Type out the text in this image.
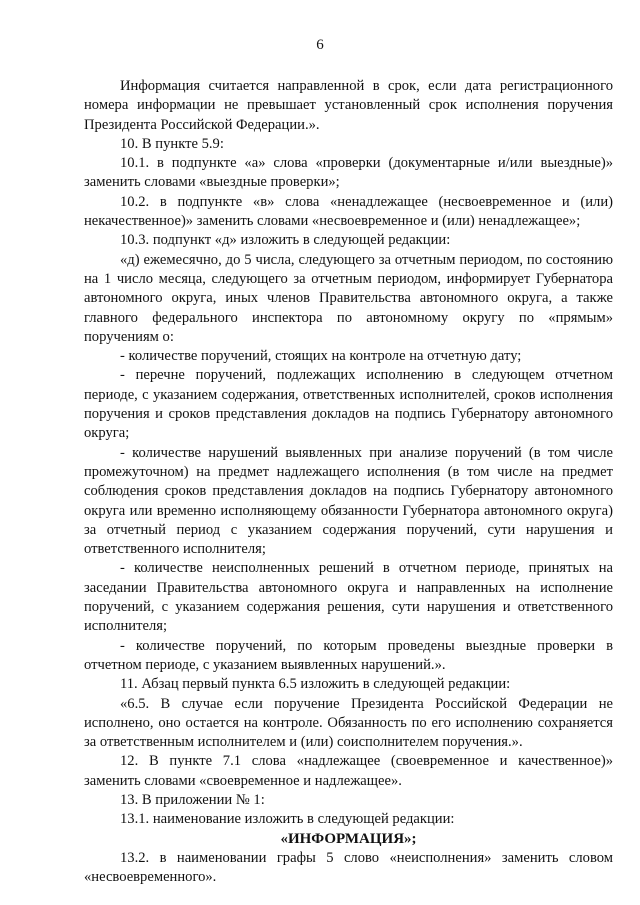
6

Информация считается направленной в срок, если дата регистрационного номера информации не превышает установленный срок исполнения поручения Президента Российской Федерации.».

10. В пункте 5.9:

10.1. в подпункте «а» слова «проверки (документарные и/или выездные)» заменить словами «выездные проверки»;

10.2. в подпункте «в» слова «ненадлежащее (несвоевременное и (или) некачественное)» заменить словами «несвоевременное и (или) ненадлежащее»;

10.3. подпункт «д» изложить в следующей редакции:

«д) ежемесячно, до 5 числа, следующего за отчетным периодом, по состоянию на 1 число месяца, следующего за отчетным периодом, информирует Губернатора автономного округа, иных членов Правительства автономного округа, а также главного федерального инспектора по автономному округу по «прямым» поручениям о:

- количестве поручений, стоящих на контроле на отчетную дату;

- перечне поручений, подлежащих исполнению в следующем отчетном периоде, с указанием содержания, ответственных исполнителей, сроков исполнения поручения и сроков представления докладов на подпись Губернатору автономного округа;

- количестве нарушений выявленных при анализе поручений (в том числе промежуточном) на предмет надлежащего исполнения (в том числе на предмет соблюдения сроков представления докладов на подпись Губернатору автономного округа или временно исполняющему обязанности Губернатора автономного округа) за отчетный период с указанием содержания поручений, сути нарушения и ответственного исполнителя;

- количестве неисполненных решений в отчетном периоде, принятых на заседании Правительства автономного округа и направленных на исполнение поручений, с указанием содержания решения, сути нарушения и ответственного исполнителя;

- количестве поручений, по которым проведены выездные проверки в отчетном периоде, с указанием выявленных нарушений.».

11. Абзац первый пункта 6.5 изложить в следующей редакции:

«6.5. В случае если поручение Президента Российской Федерации не исполнено, оно остается на контроле. Обязанность по его исполнению сохраняется за ответственным исполнителем и (или) соисполнителем поручения.».

12. В пункте 7.1 слова «надлежащее (своевременное и качественное)» заменить словами «своевременное и надлежащее».

13. В приложении № 1:

13.1. наименование изложить в следующей редакции:

«ИНФОРМАЦИЯ»;

13.2. в наименовании графы 5 слово «неисполнения» заменить словом «несвоевременного».
